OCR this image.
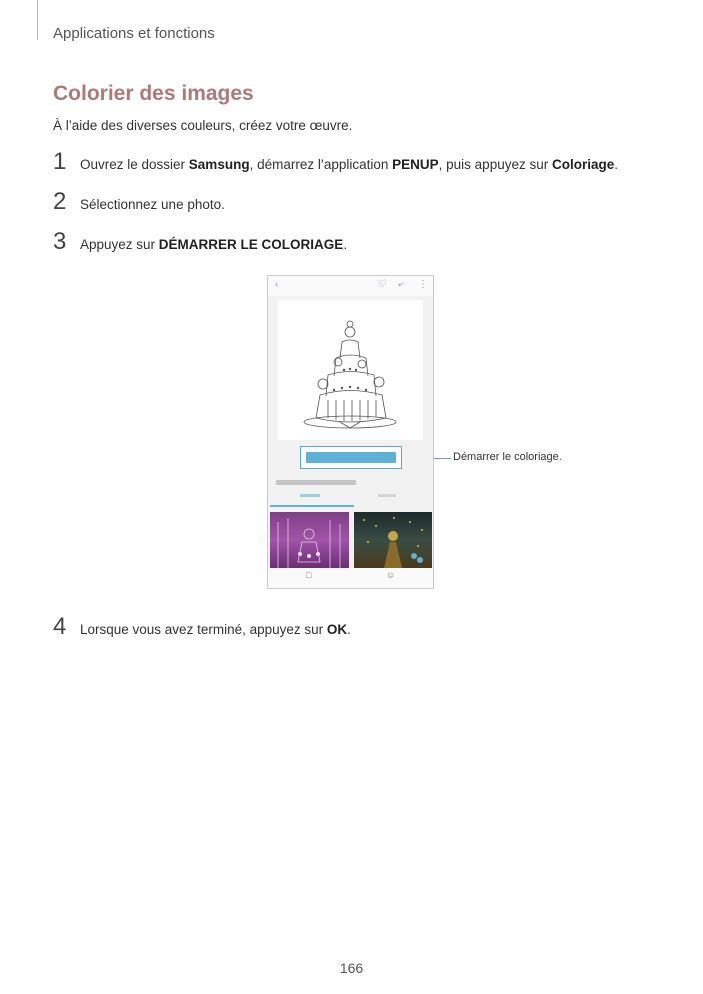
Applications et fonctions
Colorier des images
À l’aide des diverses couleurs, créez votre œuvre.
1	Ouvrez le dossier Samsung, démarrez l’application PENUP, puis appuyez sur Coloriage.
2	Sélectionnez une photo.
3	Appuyez sur DÉMARRER LE COLORIAGE.
‹	♡ ⤶ ⋮
□	☺
Démarrer le coloriage.
4	Lorsque vous avez terminé, appuyez sur OK.
166
